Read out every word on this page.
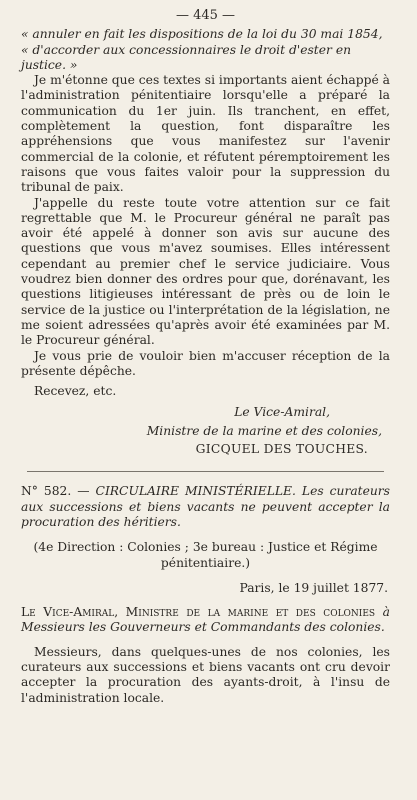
— 445 —

« annuler en fait les dispositions de la loi du 30 mai 1854,

« d'accorder aux concessionnaires le droit d'ester en justice. »

Je m'étonne que ces textes si importants aient échappé à l'administration pénitentiaire lorsqu'elle a préparé la communication du 1er juin. Ils tranchent, en effet, complètement la question, font disparaître les appréhensions que vous manifestez sur l'avenir commercial de la colonie, et réfutent péremptoirement les raisons que vous faites valoir pour la suppression du tribunal de paix.

J'appelle du reste toute votre attention sur ce fait regrettable que M. le Procureur général ne paraît pas avoir été appelé à donner son avis sur aucune des questions que vous m'avez soumises. Elles intéressent cependant au premier chef le service judiciaire. Vous voudrez bien donner des ordres pour que, dorénavant, les questions litigieuses intéressant de près ou de loin le service de la justice ou l'interprétation de la législation, ne me soient adressées qu'après avoir été examinées par M. le Procureur général.

Je vous prie de vouloir bien m'accuser réception de la présente dépêche.

Recevez, etc.

Le Vice-Amiral,

Ministre de la marine et des colonies,

GICQUEL DES TOUCHES.

N° 582. — CIRCULAIRE MINISTÉRIELLE. Les curateurs aux successions et biens vacants ne peuvent accepter la procuration des héritiers.

(4e Direction : Colonies ; 3e bureau : Justice et Régime pénitentiaire.)

Paris, le 19 juillet 1877.

Le Vice-Amiral, Ministre de la marine et des colonies à Messieurs les Gouverneurs et Commandants des colonies.

Messieurs, dans quelques-unes de nos colonies, les curateurs aux successions et biens vacants ont cru devoir accepter la procuration des ayants-droit, à l'insu de l'administration locale.
